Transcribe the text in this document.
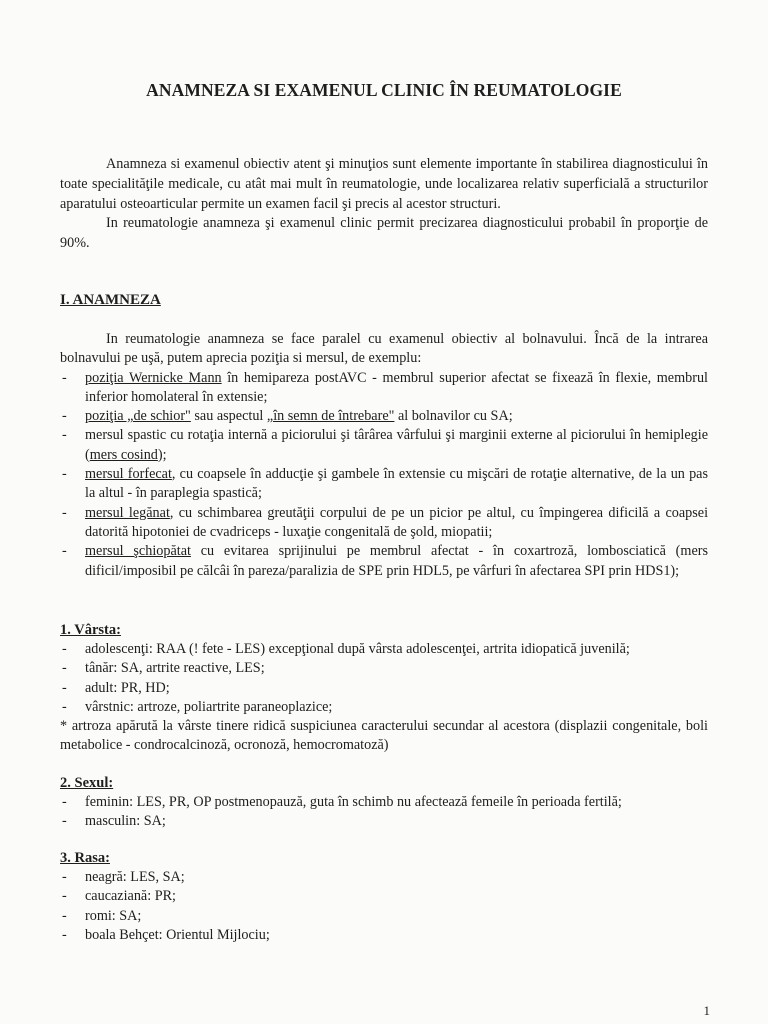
ANAMNEZA SI EXAMENUL CLINIC ÎN REUMATOLOGIE

Anamneza si examenul obiectiv atent şi minuţios sunt elemente importante în stabilirea diagnosticului în toate specialităţile medicale, cu atât mai mult în reumatologie, unde localizarea relativ superficială a structurilor aparatului osteoarticular permite un examen facil şi precis al acestor structuri.

In reumatologie anamneza şi examenul clinic permit precizarea diagnosticului probabil în proporţie de 90%.

I. ANAMNEZA

In reumatologie anamneza se face paralel cu examenul obiectiv al bolnavului. Încă de la intrarea bolnavului pe uşă, putem aprecia poziţia si mersul, de exemplu:

- poziţia Wernicke Mann în hemipareza postAVC - membrul superior afectat se fixează în flexie, membrul inferior homolateral în extensie;
- poziţia „de schior" sau aspectul „în semn de întrebare" al bolnavilor cu SA;
- mersul spastic cu rotaţia internă a piciorului şi târârea vârfului şi marginii externe al piciorului în hemiplegie (mers cosind);
- mersul forfecat, cu coapsele în adducţie şi gambele în extensie cu mişcări de rotaţie alternative, de la un pas la altul - în paraplegia spastică;
- mersul legănat, cu schimbarea greutăţii corpului de pe un picior pe altul, cu împingerea dificilă a coapsei datorită hipotoniei de cvadriceps - luxaţie congenitală de şold, miopatii;
- mersul şchiopătat cu evitarea sprijinului pe membrul afectat - în coxartroză, lombosciatică (mers dificil/imposibil pe călcâi în pareza/paralizia de SPE prin HDL5, pe vârfuri în afectarea SPI prin HDS1);
1. Vârsta:
- adolescenţi: RAA (! fete - LES) excepţional după vârsta adolescenţei, artrita idiopatică juvenilă;
- tânăr: SA, artrite reactive, LES;
- adult: PR, HD;
- vârstnic: artroze, poliartrite paraneoplazice;
* artroza apărută la vârste tinere ridică suspiciunea caracterului secundar al acestora (displazii congenitale, boli metabolice - condrocalcinoză, ocronoză, hemocromatoză)
2. Sexul:
- feminin: LES, PR, OP postmenopauză, guta în schimb nu afectează femeile în perioada fertilă;
- masculin: SA;
3. Rasa:
- neagră: LES, SA;
- caucaziană: PR;
- romi: SA;
- boala Behçet: Orientul Mijlociu;
1
